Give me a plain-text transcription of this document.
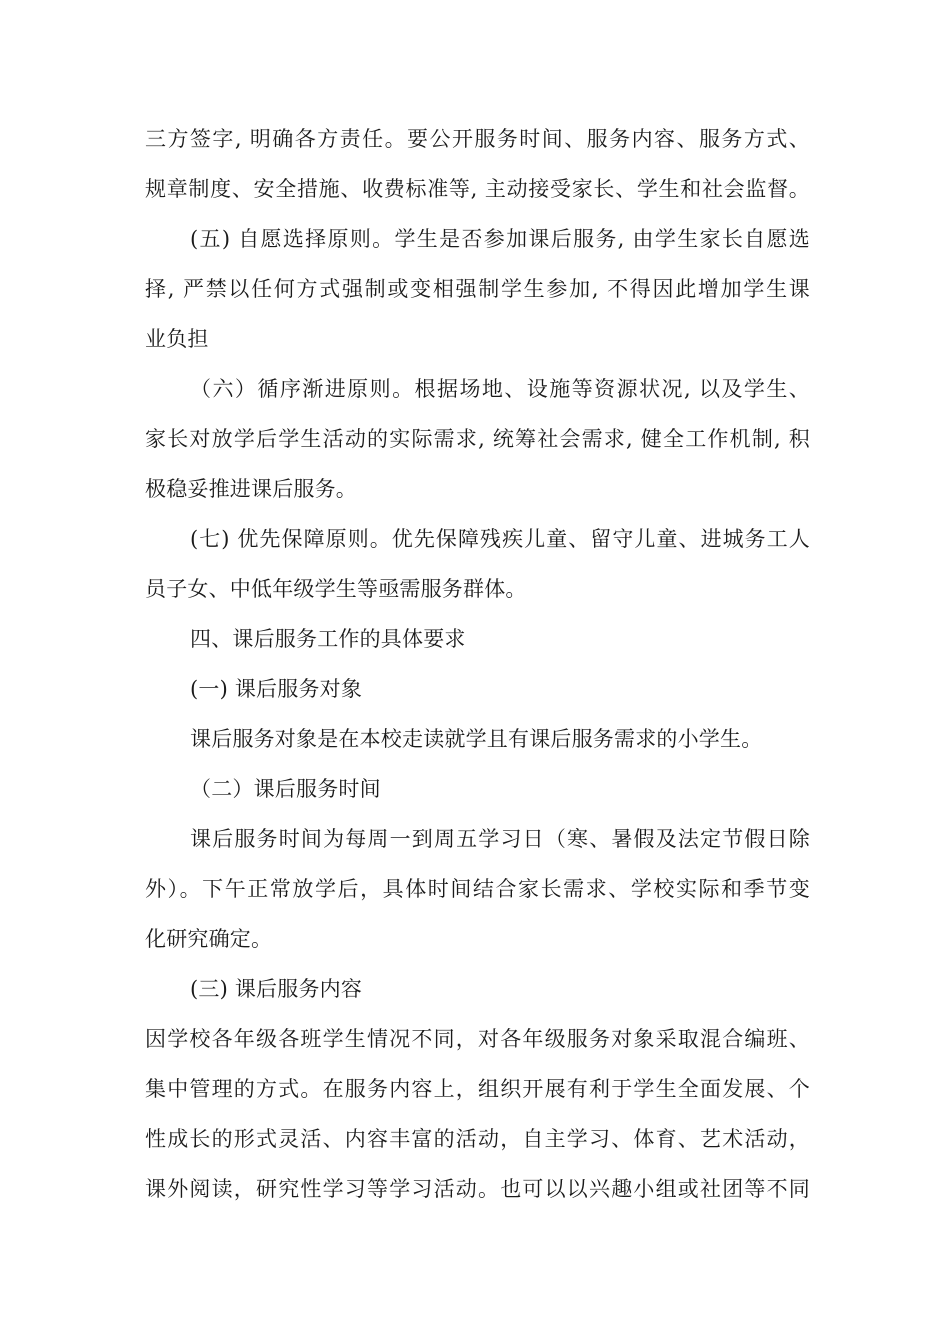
三方签字, 明确各方责任。要公开服务时间、服务内容、服务方式、
规章制度、安全措施、收费标准等, 主动接受家长、学生和社会监督。
(五) 自愿选择原则。学生是否参加课后服务, 由学生家长自愿选
择, 严禁以任何方式强制或变相强制学生参加, 不得因此增加学生课
业负担
（六）循序渐进原则。根据场地、设施等资源状况, 以及学生、
家长对放学后学生活动的实际需求, 统筹社会需求, 健全工作机制, 积
极稳妥推进课后服务。
(七) 优先保障原则。优先保障残疾儿童、留守儿童、进城务工人
员子女、中低年级学生等亟需服务群体。
四、课后服务工作的具体要求
(一) 课后服务对象
课后服务对象是在本校走读就学且有课后服务需求的小学生。
（二）课后服务时间
课后服务时间为每周一到周五学习日（寒、暑假及法定节假日除
外）。下午正常放学后，具体时间结合家长需求、学校实际和季节变
化研究确定。
(三) 课后服务内容
因学校各年级各班学生情况不同，对各年级服务对象采取混合编班、
集中管理的方式。在服务内容上，组织开展有利于学生全面发展、个
性成长的形式灵活、内容丰富的活动，自主学习、体育、艺术活动，
课外阅读，研究性学习等学习活动。也可以以兴趣小组或社团等不同
